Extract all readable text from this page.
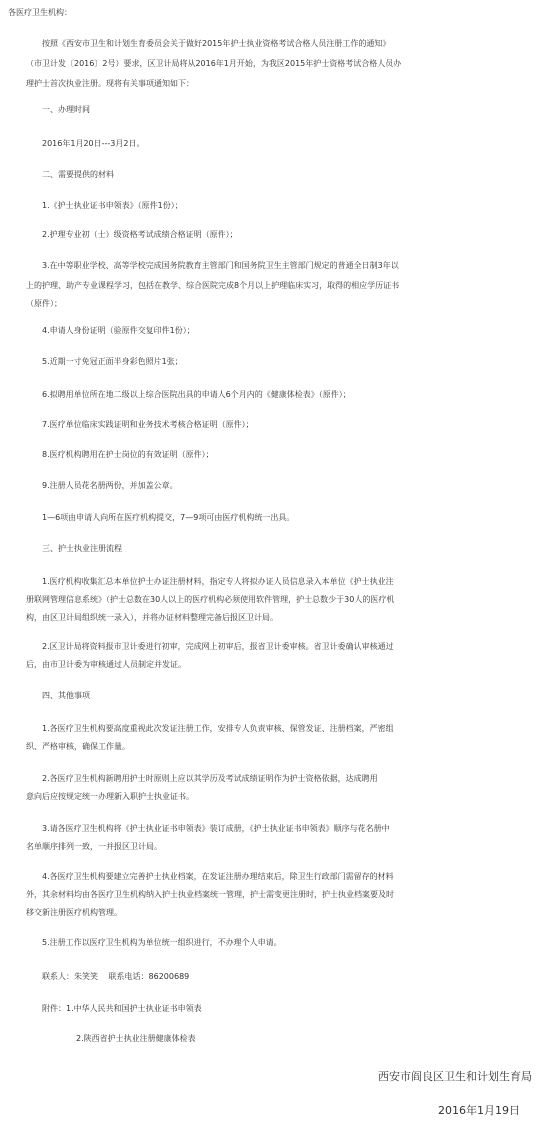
各医疗卫生机构：
按照《西安市卫生和计划生育委员会关于做好2015年护士执业资格考试合格人员注册工作的通知》
（市卫计发〔2016〕2号）要求，区卫计局将从2016年1月开始，为我区2015年护士资格考试合格人员办
理护士首次执业注册。现将有关事项通知如下：
一、办理时间
2016年1月20日---3月2日。
二、需要提供的材料
1.《护士执业证书申领表》（原件1份）；
2.护理专业初（士）级资格考试成绩合格证明（原件）；
3.在中等职业学校、高等学校完成国务院教育主管部门和国务院卫生主管部门规定的普通全日制3年以
上的护理、助产专业课程学习，包括在教学、综合医院完成8个月以上护理临床实习，取得的相应学历证书
（原件）；
4.申请人身份证明（验原件交复印件1份）；
5.近期一寸免冠正面半身彩色照片1张；
6.拟聘用单位所在地二级以上综合医院出具的申请人6个月内的《健康体检表》（原件）；
7.医疗单位临床实践证明和业务技术考核合格证明（原件）；
8.医疗机构聘用在护士岗位的有效证明（原件）；
9.注册人员花名册两份，并加盖公章。
1—6项由申请人向所在医疗机构提交，7—9项可由医疗机构统一出具。
三、护士执业注册流程
1.医疗机构收集汇总本单位护士办证注册材料，指定专人将拟办证人员信息录入本单位《护士执业注
册联网管理信息系统》（护士总数在30人以上的医疗机构必须使用软件管理，护士总数少于30人的医疗机
构，由区卫计局组织统一录入），并将办证材料整理完备后报区卫计局。
2.区卫计局将资料报市卫计委进行初审，完成网上初审后，报省卫计委审核。省卫计委确认审核通过
后，由市卫计委为审核通过人员制定并发证。
四、其他事项
1.各医疗卫生机构要高度重视此次发证注册工作，安排专人负责审核、保管发证、注册档案，严密组
织、严格审核，确保工作量。
2.各医疗卫生机构新聘用护士时原则上应以其学历及考试成绩证明作为护士资格依据，达成聘用
意向后应按规定统一办理新入职护士执业证书。
3.请各医疗卫生机构将《护士执业证书申领表》装订成册，《护士执业证书申领表》顺序与花名册中
名单顺序排列一致，一并报区卫计局。
4.各医疗卫生机构要建立完善护士执业档案，在发证注册办理结束后，除卫生行政部门需留存的材料
外，其余材料均由各医疗卫生机构纳入护士执业档案统一管理，护士需变更注册时，护士执业档案要及时
移交新注册医疗机构管理。
5.注册工作以医疗卫生机构为单位统一组织进行，不办理个人申请。
联系人：朱笑笑　 联系电话：86200689
附件：1.中华人民共和国护士执业证书申领表
2.陕西省护士执业注册健康体检表
西安市阎良区卫生和计划生育局
2016年1月19日
